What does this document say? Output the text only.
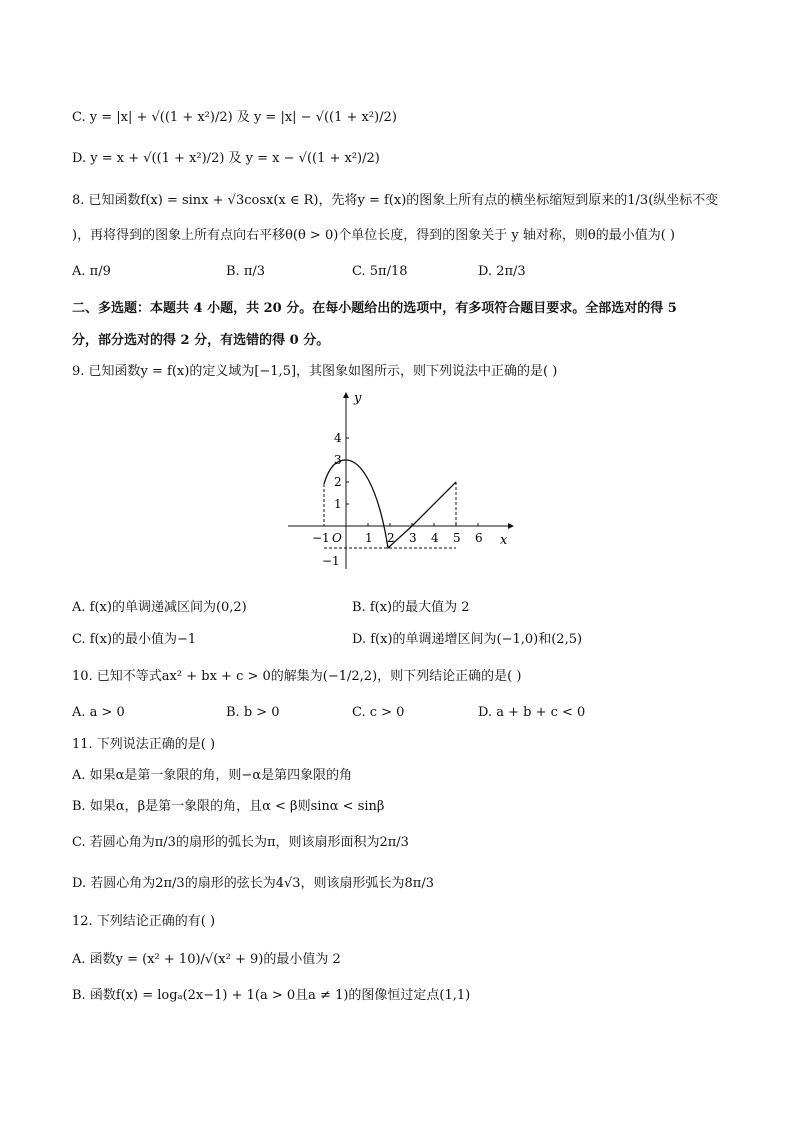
C. y = |x| + √((1 + x²)/2) 及 y = |x| − √((1 + x²)/2)
D. y = x + √((1 + x²)/2) 及 y = x − √((1 + x²)/2)
8. 已知函数f(x) = sinx + √3cosx(x ∈ R)，先将y = f(x)的图象上所有点的横坐标缩短到原来的1/3(纵坐标不变
)，再将得到的图象上所有点向右平移θ(θ > 0)个单位长度，得到的图象关于 y 轴对称，则θ的最小值为( )
A. π/9	B. π/3	C. 5π/18	D. 2π/3
二、多选题：本题共 4 小题，共 20 分。在每小题给出的选项中，有多项符合题目要求。全部选对的得 5
分，部分选对的得 2 分，有选错的得 0 分。
9. 已知函数y = f(x)的定义域为[−1,5]，其图象如图所示，则下列说法中正确的是( )
y
x
4
3
2
1
−1 O 1 2 3 4 5 6
−1
A. f(x)的单调递减区间为(0,2)	B. f(x)的最大值为 2
C. f(x)的最小值为−1	D. f(x)的单调递增区间为(−1,0)和(2,5)
10. 已知不等式ax² + bx + c > 0的解集为(−1/2,2)，则下列结论正确的是( )
A. a > 0	B. b > 0	C. c > 0	D. a + b + c < 0
11. 下列说法正确的是( )
A. 如果α是第一象限的角，则−α是第四象限的角
B. 如果α，β是第一象限的角，且α < β则sinα < sinβ
C. 若圆心角为π/3的扇形的弧长为π，则该扇形面积为2π/3
D. 若圆心角为2π/3的扇形的弦长为4√3，则该扇形弧长为8π/3
12. 下列结论正确的有( )
A. 函数y = (x² + 10)/√(x² + 9)的最小值为 2
B. 函数f(x) = logₐ(2x−1) + 1(a > 0且a ≠ 1)的图像恒过定点(1,1)
